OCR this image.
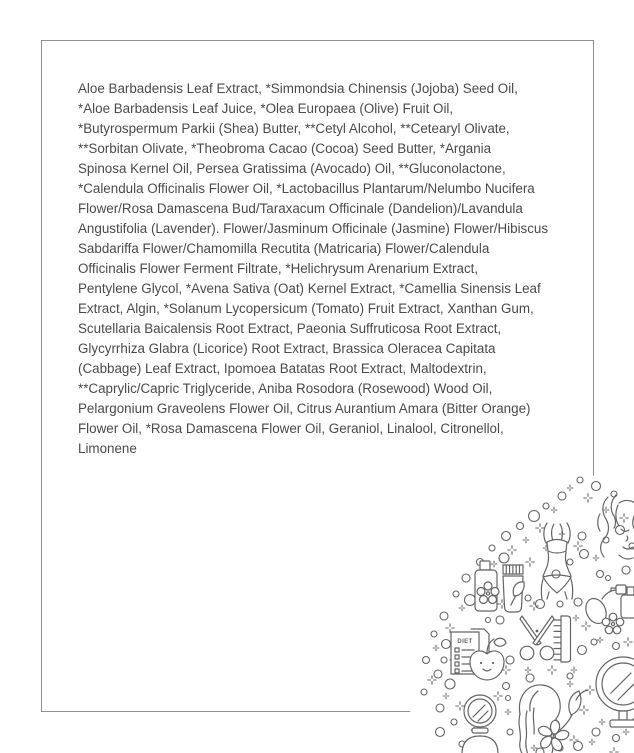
Aloe Barbadensis Leaf Extract, *Simmondsia Chinensis (Jojoba) Seed Oil,
*Aloe Barbadensis Leaf Juice, *Olea Europaea (Olive) Fruit Oil,
*Butyrospermum Parkii (Shea) Butter, **Cetyl Alcohol, **Cetearyl Olivate,
**Sorbitan Olivate, *Theobroma Cacao (Cocoa) Seed Butter, *Argania
Spinosa Kernel Oil, Persea Gratissima (Avocado) Oil, **Gluconolactone,
*Calendula Officinalis Flower Oil, *Lactobacillus Plantarum/Nelumbo Nucifera
Flower/Rosa Damascena Bud/Taraxacum Officinale (Dandelion)/Lavandula
Angustifolia (Lavender). Flower/Jasminum Officinale (Jasmine) Flower/Hibiscus
Sabdariffa Flower/Chamomilla Recutita (Matricaria) Flower/Calendula
Officinalis Flower Ferment Filtrate, *Helichrysum Arenarium Extract,
Pentylene Glycol, *Avena Sativa (Oat) Kernel Extract, *Camellia Sinensis Leaf
Extract, Algin, *Solanum Lycopersicum (Tomato) Fruit Extract, Xanthan Gum,
Scutellaria Baicalensis Root Extract, Paeonia Suffruticosa Root Extract,
Glycyrrhiza Glabra (Licorice) Root Extract, Brassica Oleracea Capitata
(Cabbage) Leaf Extract, Ipomoea Batatas Root Extract, Maltodextrin,
**Caprylic/Capric Triglyceride, Aniba Rosodora (Rosewood) Wood Oil,
Pelargonium Graveolens Flower Oil, Citrus Aurantium Amara (Bitter Orange)
Flower Oil, *Rosa Damascena Flower Oil, Geraniol, Linalool, Citronellol,
Limonene
DIET
